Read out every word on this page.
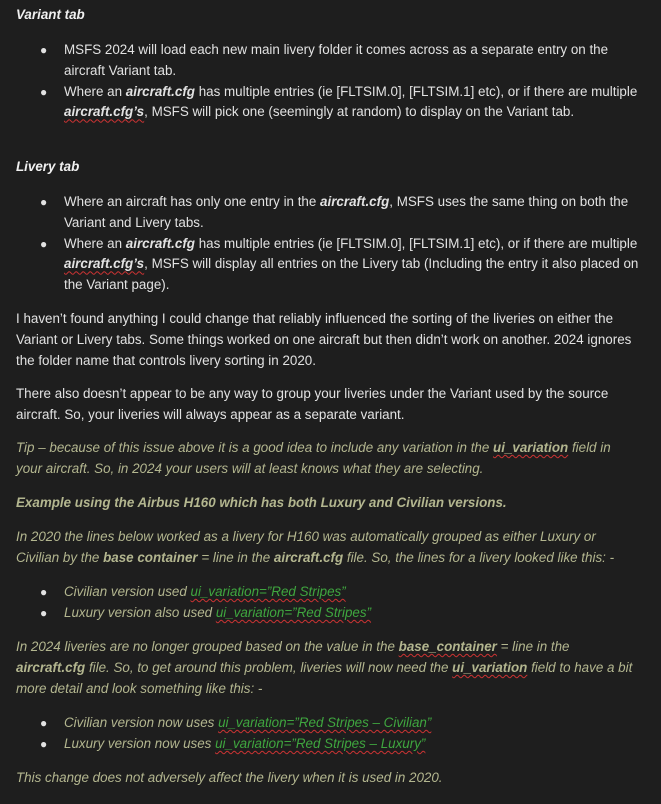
Variant tab

● MSFS 2024 will load each new main livery folder it comes across as a separate entry on the aircraft Variant tab.
● Where an aircraft.cfg has multiple entries (ie [FLTSIM.0], [FLTSIM.1] etc), or if there are multiple aircraft.cfg’s, MSFS will pick one (seemingly at random) to display on the Variant tab.

Livery tab

● Where an aircraft has only one entry in the aircraft.cfg, MSFS uses the same thing on both the Variant and Livery tabs.
● Where an aircraft.cfg has multiple entries (ie [FLTSIM.0], [FLTSIM.1] etc), or if there are multiple aircraft.cfg’s, MSFS will display all entries on the Livery tab (Including the entry it also placed on the Variant page).

I haven’t found anything I could change that reliably influenced the sorting of the liveries on either the Variant or Livery tabs. Some things worked on one aircraft but then didn’t work on another. 2024 ignores the folder name that controls livery sorting in 2020.

There also doesn’t appear to be any way to group your liveries under the Variant used by the source aircraft. So, your liveries will always appear as a separate variant.

Tip – because of this issue above it is a good idea to include any variation in the ui_variation field in your aircraft. So, in 2024 your users will at least knows what they are selecting.

Example using the Airbus H160 which has both Luxury and Civilian versions.

In 2020 the lines below worked as a livery for H160 was automatically grouped as either Luxury or Civilian by the base container = line in the aircraft.cfg file. So, the lines for a livery looked like this: -

● Civilian version used ui_variation=”Red Stripes”
● Luxury version also used ui_variation=”Red Stripes”

In 2024 liveries are no longer grouped based on the value in the base_container = line in the aircraft.cfg file. So, to get around this problem, liveries will now need the ui_variation field to have a bit more detail and look something like this: -

● Civilian version now uses ui_variation=”Red Stripes – Civilian”
● Luxury version now uses ui_variation=”Red Stripes – Luxury”

This change does not adversely affect the livery when it is used in 2020.
